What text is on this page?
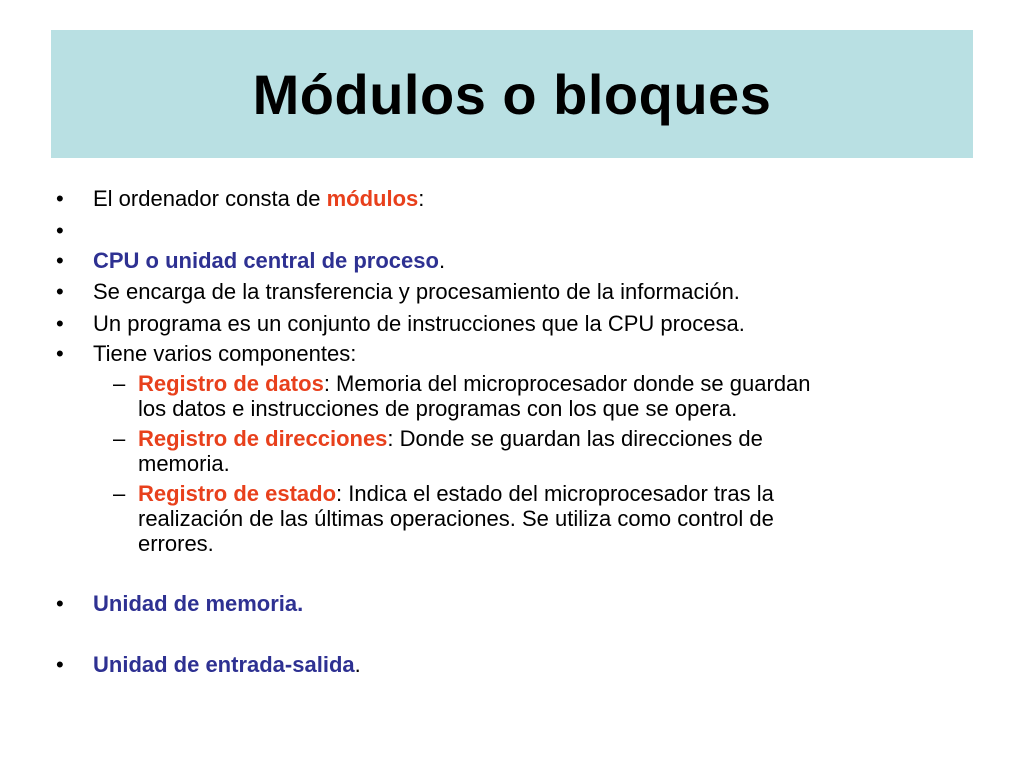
Módulos o bloques
• El ordenador consta de módulos:
•
• CPU o unidad central de proceso.
• Se encarga de la transferencia y procesamiento de la información.
• Un programa es un conjunto de instrucciones que la CPU procesa.
• Tiene varios componentes:
– Registro de datos: Memoria del microprocesador donde se guardan
los datos e instrucciones de programas con los que se opera.
– Registro de direcciones: Donde se guardan las direcciones de
memoria.
– Registro de estado: Indica el estado del microprocesador tras la
realización de las últimas operaciones. Se utiliza como control de
errores.
• Unidad de memoria.
• Unidad de entrada-salida.
